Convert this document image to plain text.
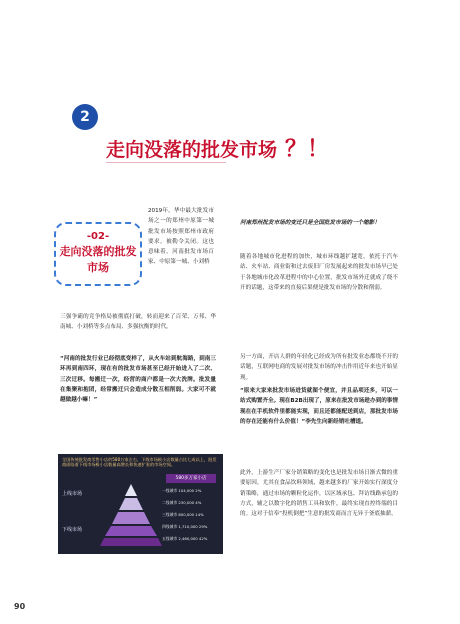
2
走向没落的批发市场 ？！
-02-
走向没落的批发市场
2019年，华中最大批发市场之一的郑州中原第一城批发市场按照郑州市政府要求，被勒令关闭。这也意味着，河南批发市场百家、中原第一城、小刘桥
三强争霸的竞争格局被彻底打破，转而迎来了百荣、万邦、华南城、小刘桥等多点布局、多强抗衡的时代。
“河南的批发行业已经彻底变样了，从火车站到航海路，到南三环再到南四环，现在有的批发市场甚至已经开始进入了二次、三次迁移。每搬迁一次，经营的商户都是一次大洗牌。批发量在集聚和抱团，经常搬迁只会造成分散互相削弱。大家可不就越做越小嘛！”
全国传统批发商零售小店约580万家左右，下线市场极小店数量占比七成以上，批发商面临着下线市场极小店数量高增长和快速扩张的市场空间。
580多万家小店
上线市场
下线市场
一线城市 104,000 2%
二线城市 230,000 4%
三线城市 800,000 14%
四线城市 1,710,000 29%
五线城市 2,460,000 42%
河南郑州批发市场的变迁只是全国批发市场的一个缩影！
随着各地城市化进程的加快，城市环线越扩越宽，依托于汽车站、火车站、商业街和过去废旧厂房发展起来的批发市场早已处于各地城市化改革进程中的中心位置，批发市场外迁就成了绕不开的话题，这带来的直接后果便是批发市场的分散和削弱。
另一方面，开店人群的年轻化已经成为所有批发业态都绕不开的话题，互联网电商的发展对批发市场的冲击作用近年来也开始显现。
“原来大家来批发市场进货就图个便宜，并且品项还多，可以一站式购置齐全。现在B2B出现了，原来在批发市场趁办到的事情现在在手机软件里都能实现，而且还都能配送到店，那批发市场的存在还能有什么价值！”李先生向新经销吐槽道。
此外，上游生产厂家分销策略的变化也是批发市场日渐式微的重要原因。尤其在食品饮料领域，越来越多的厂家开始实行深度分销策略，通过市场的颗粒化运作，以区域承包、拜访线路承包的方式，辅之以数字化的销售工具和软件，最终实现直控终端的目的。这对于信奉“投机倒把”生意的批发商而言无异于釜底抽薪。
90
